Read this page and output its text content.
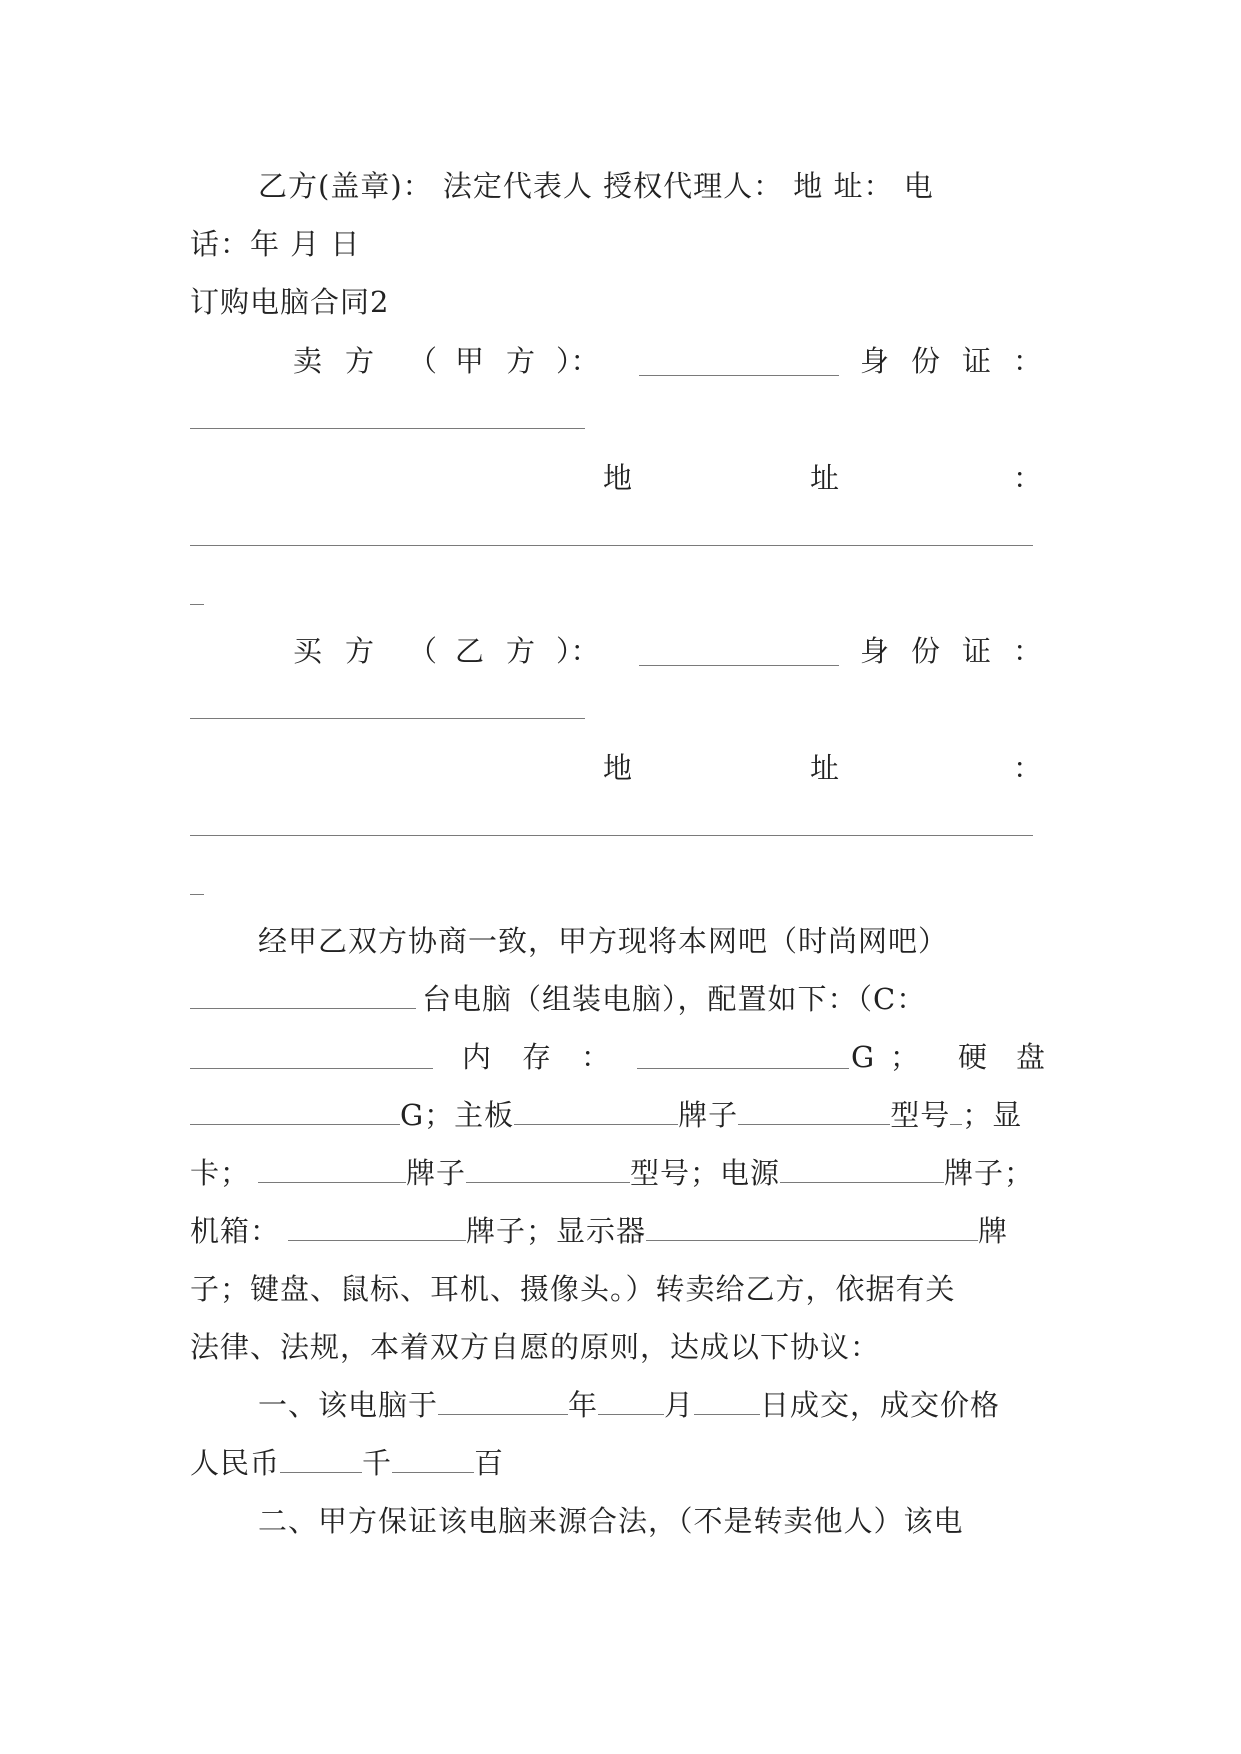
乙方(盖章)： 法定代表人 授权代理人： 地 址： 电
话：年 月 日
订购电脑合同2
卖 方 （ 甲 方 ）：	身 份 证 ：
地	址	：
买 方 （ 乙 方 ）：	身 份 证 ：
地	址	：
经甲乙双方协商一致，甲方现将本网吧（时尚网吧）
台电脑（组装电脑），配置如下：（C：
内 存 ：	G ； 硬 盘
G；主板	牌子	型号 ；显
卡；	牌子	型号；电源	牌子；
机箱：	牌子；显示器	牌
子；键盘、鼠标、耳机、摄像头。）转卖给乙方，依据有关
法律、法规，本着双方自愿的原则，达成以下协议：
一、该电脑于	年 月 日成交，成交价格
人民币	千	百
二、甲方保证该电脑来源合法，（不是转卖他人）该电
